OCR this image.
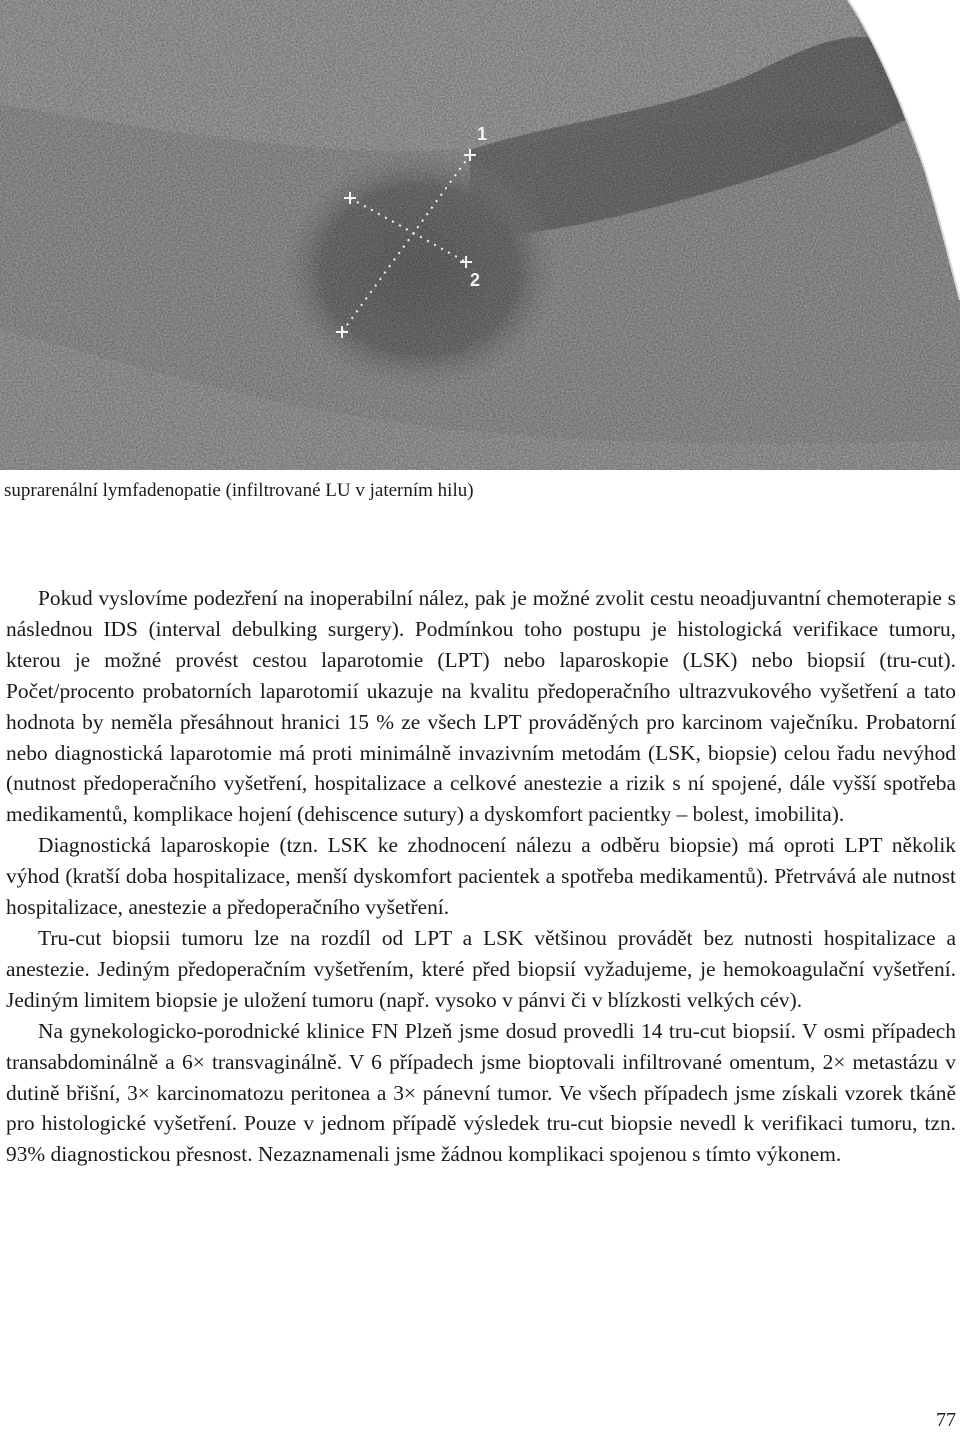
1
2
suprarenální lymfadenopatie (infiltrované LU v jaterním hilu)

Pokud vyslovíme podezření na inoperabilní nález, pak je možné zvolit cestu neoadjuvantní chemoterapie s následnou IDS (interval debulking surgery). Podmínkou toho postupu je histologická verifikace tumoru, kterou je možné provést cestou laparotomie (LPT) nebo laparoskopie (LSK) nebo biopsií (tru-cut). Počet/procento probatorních laparotomií ukazuje na kvalitu předoperačního ultrazvukového vyšetření a tato hodnota by neměla přesáhnout hranici 15 % ze všech LPT prováděných pro karcinom vaječníku. Probatorní nebo diagnostická laparotomie má proti minimálně invazivním metodám (LSK, biopsie) celou řadu nevýhod (nutnost předoperačního vyšetření, hospitalizace a celkové anestezie a rizik s ní spojené, dále vyšší spotřeba medikamentů, komplikace hojení (dehiscence sutury) a dyskomfort pacientky – bolest, imobilita).

Diagnostická laparoskopie (tzn. LSK ke zhodnocení nálezu a odběru biopsie) má oproti LPT několik výhod (kratší doba hospitalizace, menší dyskomfort pacientek a spotřeba medikamentů). Přetrvává ale nutnost hospitalizace, anestezie a předoperačního vyšetření.

Tru-cut biopsii tumoru lze na rozdíl od LPT a LSK většinou provádět bez nutnosti hospitalizace a anestezie. Jediným předoperačním vyšetřením, které před biopsií vyžadujeme, je hemokoagulační vyšetření. Jediným limitem biopsie je uložení tumoru (např. vysoko v pánvi či v blízkosti velkých cév).

Na gynekologicko-porodnické klinice FN Plzeň jsme dosud provedli 14 tru-cut biopsií. V osmi případech transabdominálně a 6× transvaginálně. V 6 případech jsme bioptovali infiltrované omentum, 2× metastázu v dutině břišní, 3× karcinomatozu peritonea a 3× pánevní tumor. Ve všech případech jsme získali vzorek tkáně pro histologické vyšetření. Pouze v jednom případě výsledek tru-cut biopsie nevedl k verifikaci tumoru, tzn. 93% diagnostickou přesnost. Nezaznamenali jsme žádnou komplikaci spojenou s tímto výkonem.

77
